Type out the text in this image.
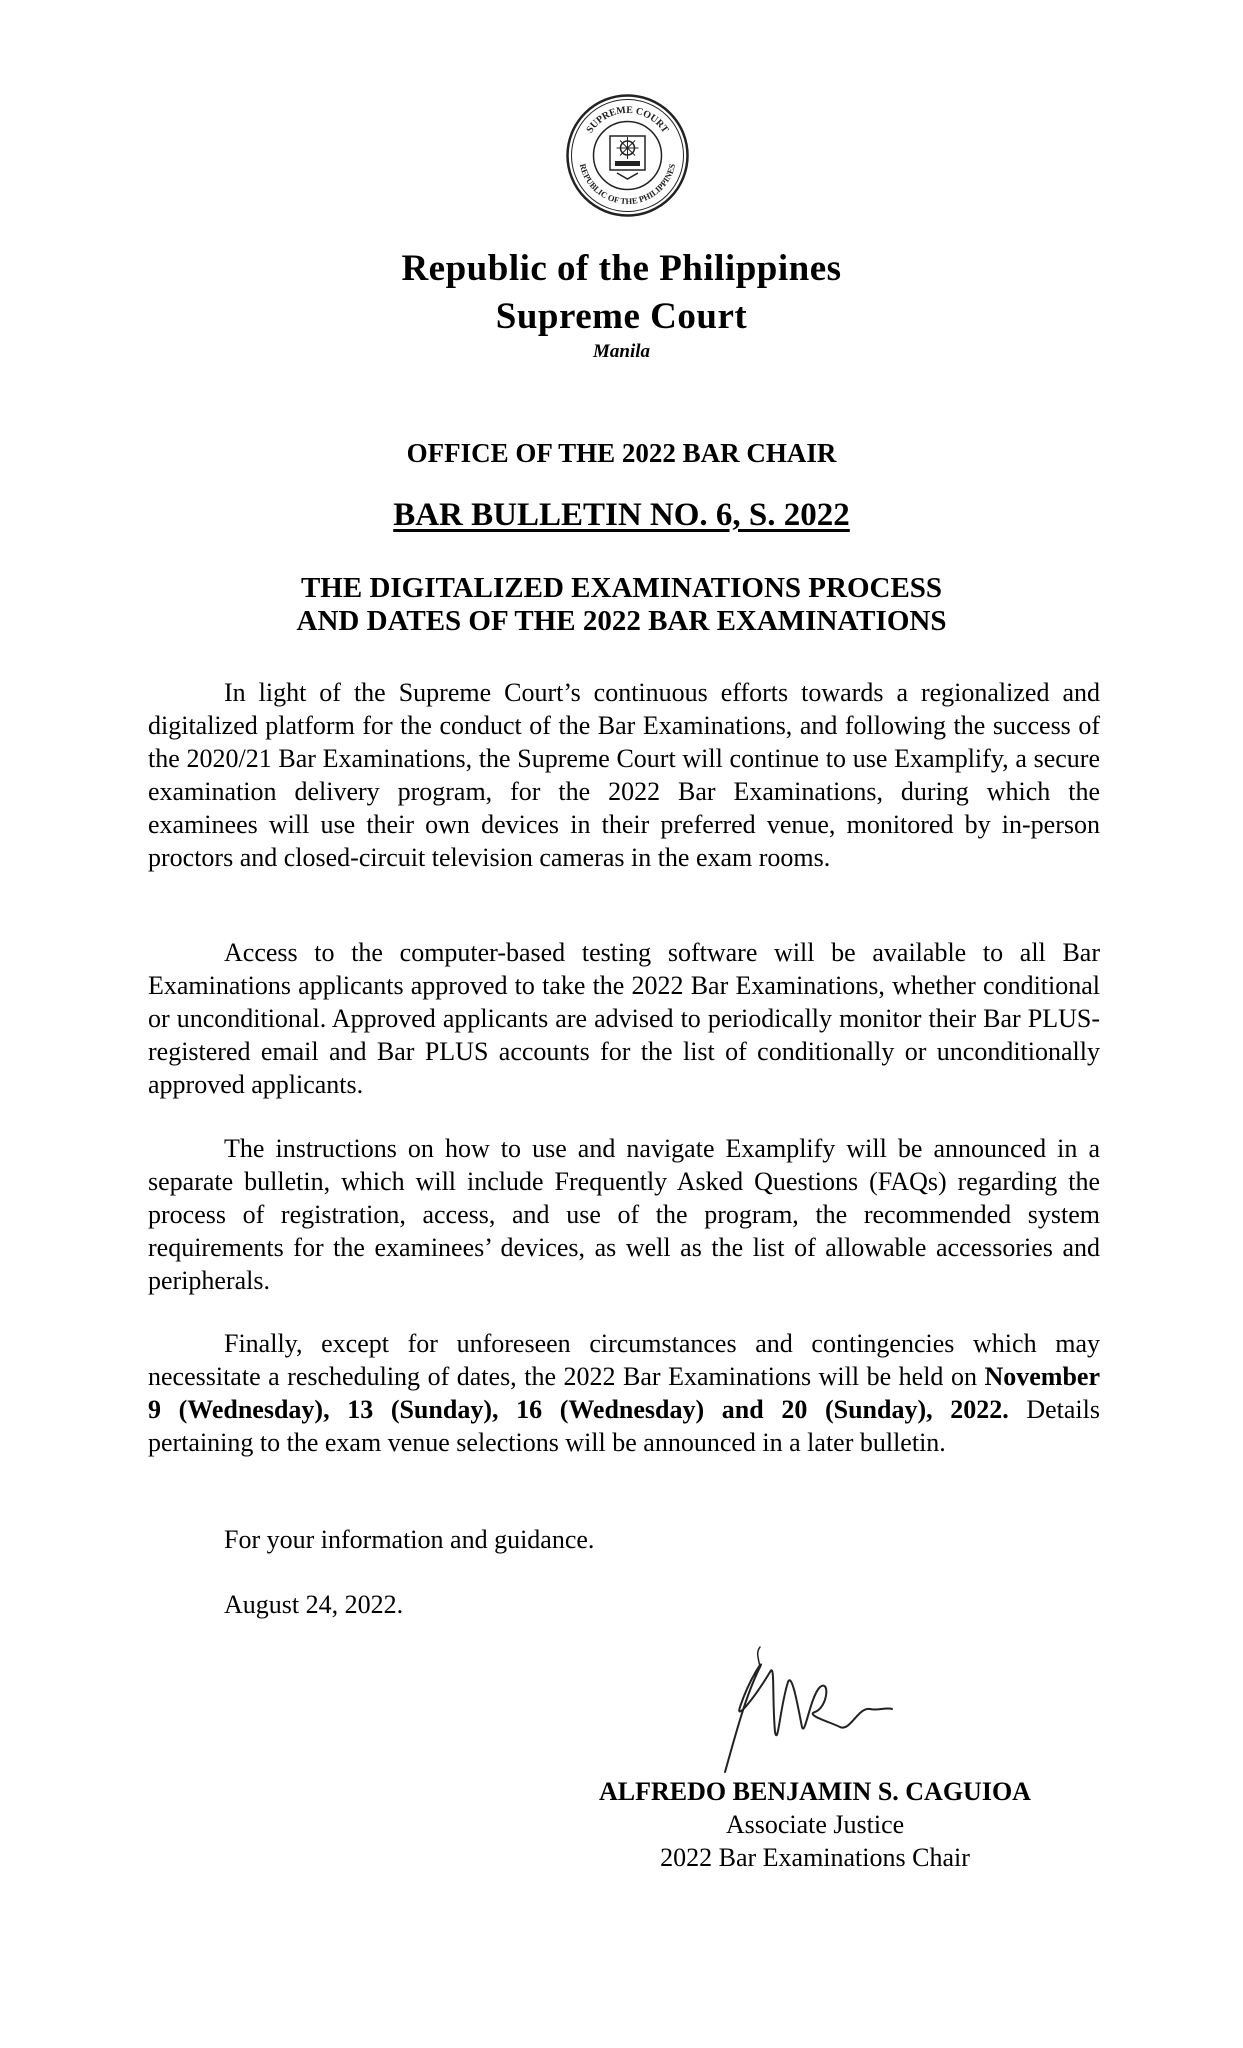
SUPREME COURT
REPUBLIC OF THE PHILIPPINES
Republic of the Philippines
Supreme Court
Manila
OFFICE OF THE 2022 BAR CHAIR
BAR BULLETIN NO. 6, S. 2022
THE DIGITALIZED EXAMINATIONS PROCESS
AND DATES OF THE 2022 BAR EXAMINATIONS

In light of the Supreme Court’s continuous efforts towards a regionalized and digitalized platform for the conduct of the Bar Examinations, and following the success of the 2020/21 Bar Examinations, the Supreme Court will continue to use Examplify, a secure examination delivery program, for the 2022 Bar Examinations, during which the examinees will use their own devices in their preferred venue, monitored by in-person proctors and closed-circuit television cameras in the exam rooms.

Access to the computer-based testing software will be available to all Bar Examinations applicants approved to take the 2022 Bar Examinations, whether conditional or unconditional. Approved applicants are advised to periodically monitor their Bar PLUS-registered email and Bar PLUS accounts for the list of conditionally or unconditionally approved applicants.

The instructions on how to use and navigate Examplify will be announced in a separate bulletin, which will include Frequently Asked Questions (FAQs) regarding the process of registration, access, and use of the program, the recommended system requirements for the examinees’ devices, as well as the list of allowable accessories and peripherals.

Finally, except for unforeseen circumstances and contingencies which may necessitate a rescheduling of dates, the 2022 Bar Examinations will be held on November 9 (Wednesday), 13 (Sunday), 16 (Wednesday) and 20 (Sunday), 2022. Details pertaining to the exam venue selections will be announced in a later bulletin.

For your information and guidance.
August 24, 2022.
ALFREDO BENJAMIN S. CAGUIOA
Associate Justice
2022 Bar Examinations Chair
